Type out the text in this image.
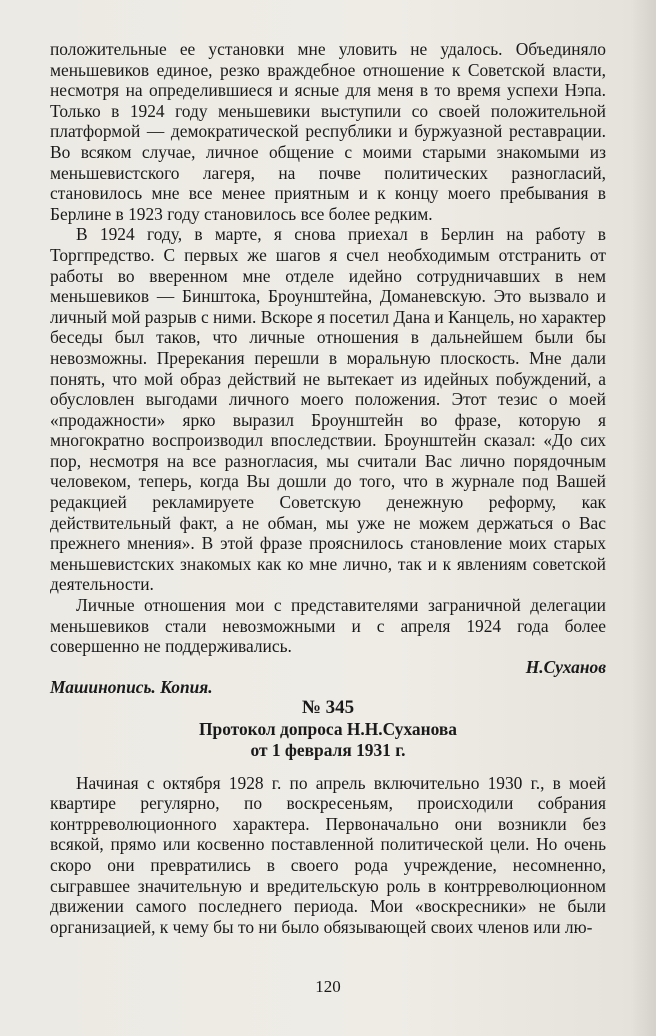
положительные ее установки мне уловить не удалось. Объединяло меньшевиков единое, резко враждебное отношение к Советской власти, несмотря на определившиеся и ясные для меня в то время успехи Нэпа. Только в 1924 году меньшевики выступили со своей положительной платформой — демократической республики и буржуазной реставрации. Во всяком случае, личное общение с моими старыми знакомыми из меньшевистского лагеря, на почве политических разногласий, становилось мне все менее приятным и к концу моего пребывания в Берлине в 1923 году становилось все более редким.

В 1924 году, в марте, я снова приехал в Берлин на работу в Торгпредство. С первых же шагов я счел необходимым отстранить от работы во вверенном мне отделе идейно сотрудничавших в нем меньшевиков — Бинштока, Броунштейна, Доманевскую. Это вызвало и личный мой разрыв с ними. Вскоре я посетил Дана и Канцель, но характер беседы был таков, что личные отношения в дальнейшем были бы невозможны. Пререкания перешли в моральную плоскость. Мне дали понять, что мой образ действий не вытекает из идейных побуждений, а обусловлен выгодами личного моего положения. Этот тезис о моей «продажности» ярко выразил Броунштейн во фразе, которую я многократно воспроизводил впоследствии. Броунштейн сказал: «До сих пор, несмотря на все разногласия, мы считали Вас лично порядочным человеком, теперь, когда Вы дошли до того, что в журнале под Вашей редакцией рекламируете Советскую денежную реформу, как действительный факт, а не обман, мы уже не можем держаться о Вас прежнего мнения». В этой фразе прояснилось становление моих старых меньшевистских знакомых как ко мне лично, так и к явлениям советской деятельности.

Личные отношения мои с представителями заграничной делегации меньшевиков стали невозможными и с апреля 1924 года более совершенно не поддерживались.

Н.Суханов

Машинопись. Копия.

№ 345

Протокол допроса Н.Н.Суханова
от 1 февраля 1931 г.

Начиная с октября 1928 г. по апрель включительно 1930 г., в моей квартире регулярно, по воскресеньям, происходили собрания контрреволюционного характера. Первоначально они возникли без всякой, прямо или косвенно поставленной политической цели. Но очень скоро они превратились в своего рода учреждение, несомненно, сыгравшее значительную и вредительскую роль в контрреволюционном движении самого последнего периода. Мои «воскресники» не были организацией, к чему бы то ни было обязывающей своих членов или лю-

120
